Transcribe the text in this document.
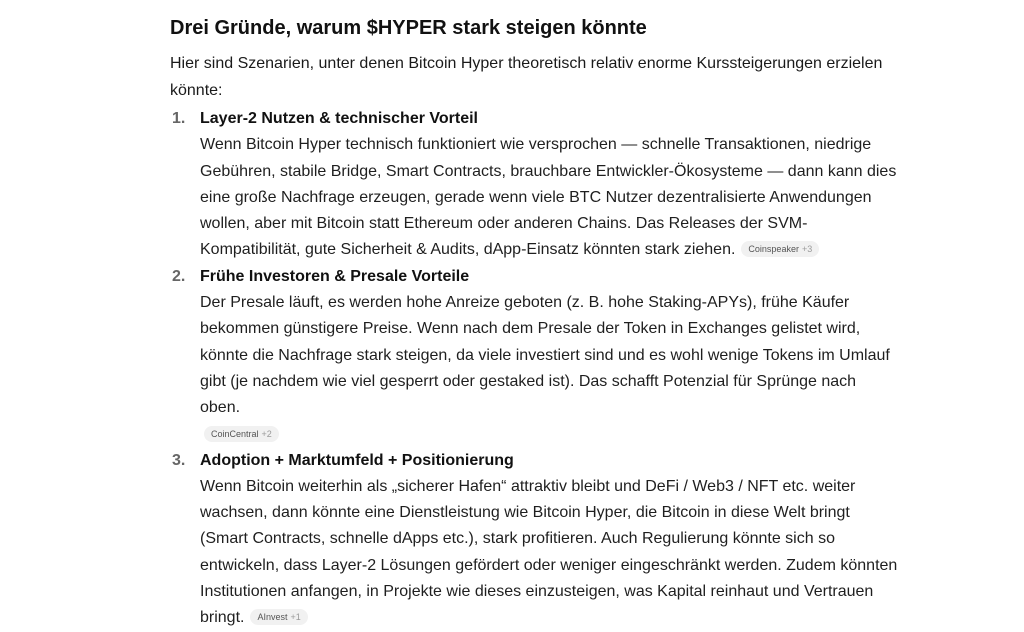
Drei Gründe, warum $HYPER stark steigen könnte

Hier sind Szenarien, unter denen Bitcoin Hyper theoretisch relativ enorme Kurssteigerungen erzielen könnte:

1. Layer-2 Nutzen & technischer Vorteil
Wenn Bitcoin Hyper technisch funktioniert wie versprochen — schnelle Transaktionen, niedrige Gebühren, stabile Bridge, Smart Contracts, brauchbare Entwickler-Ökosysteme — dann kann dies eine große Nachfrage erzeugen, gerade wenn viele BTC Nutzer dezentralisierte Anwendungen wollen, aber mit Bitcoin statt Ethereum oder anderen Chains. Das Releases der SVM-Kompatibilität, gute Sicherheit & Audits, dApp-Einsatz könnten stark ziehen. Coinspeaker +3
2. Frühe Investoren & Presale Vorteile
Der Presale läuft, es werden hohe Anreize geboten (z. B. hohe Staking-APYs), frühe Käufer bekommen günstigere Preise. Wenn nach dem Presale der Token in Exchanges gelistet wird, könnte die Nachfrage stark steigen, da viele investiert sind und es wohl wenige Tokens im Umlauf gibt (je nachdem wie viel gesperrt oder gestaked ist). Das schafft Potenzial für Sprünge nach oben.
CoinCentral +2
3. Adoption + Marktumfeld + Positionierung
Wenn Bitcoin weiterhin als „sicherer Hafen“ attraktiv bleibt und DeFi / Web3 / NFT etc. weiter wachsen, dann könnte eine Dienstleistung wie Bitcoin Hyper, die Bitcoin in diese Welt bringt (Smart Contracts, schnelle dApps etc.), stark profitieren. Auch Regulierung könnte sich so entwickeln, dass Layer-2 Lösungen gefördert oder weniger eingeschränkt werden. Zudem könnten Institutionen anfangen, in Projekte wie dieses einzusteigen, was Kapital reinhaut und Vertrauen bringt. AInvest +1
